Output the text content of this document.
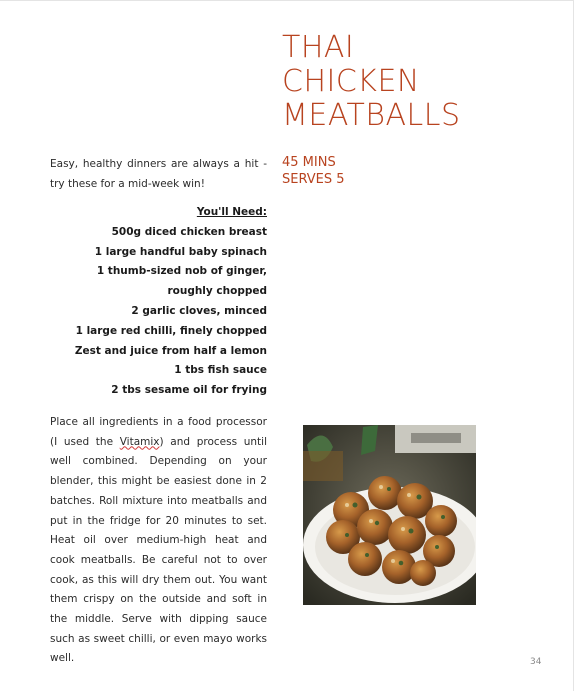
THAI
CHICKEN
MEATBALLS
45 MINS
SERVES 5
Easy, healthy dinners are always a hit - try these for a mid-week win!
You'll Need:
500g diced chicken breast
1 large handful baby spinach
1 thumb-sized nob of ginger, roughly chopped
2 garlic cloves, minced
1 large red chilli, finely chopped
Zest and juice from half a lemon
1 tbs fish sauce
2 tbs sesame oil for frying
Place all ingredients in a food processor (I used the Vitamix) and process until well combined. Depending on your blender, this might be easiest done in 2 batches. Roll mixture into meatballs and put in the fridge for 20 minutes to set. Heat oil over medium-high heat and cook meatballs. Be careful not to over cook, as this will dry them out. You want them crispy on the outside and soft in the middle. Serve with dipping sauce such as sweet chilli, or even mayo works well.	34
